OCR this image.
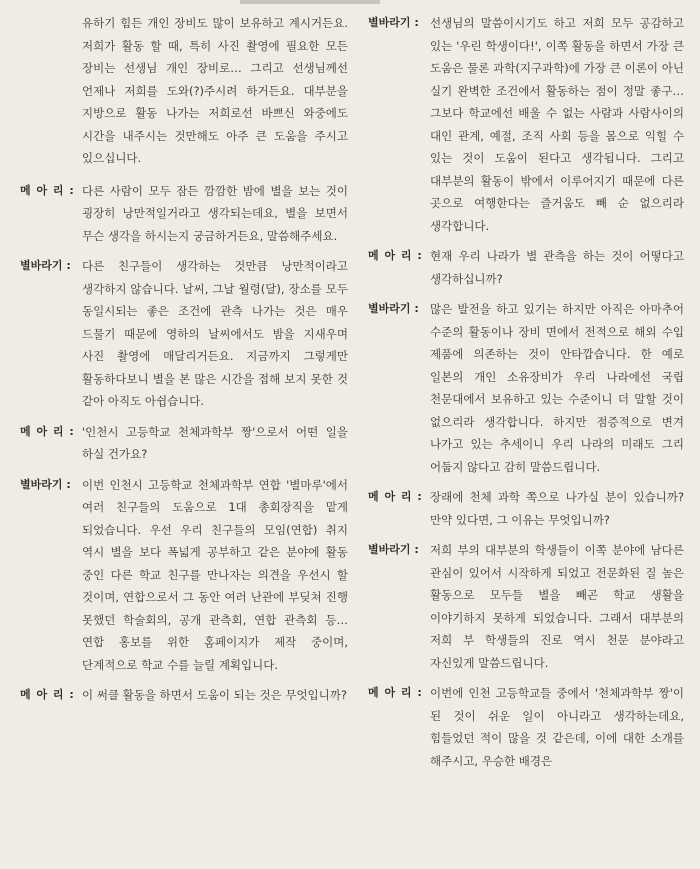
유하기 힘든 개인 장비도 많이 보유하고 계시거든요. 저희가 활동 할 때, 특히 사진 촬영에 필요한 모든 장비는 선생님 개인 장비로… 그리고 선생님께선 언제나 저희를 도와(?)주시려 하거든요. 대부분을 지방으로 활동 나가는 저희로선 바쁘신 와중에도 시간을 내주시는 것만해도 아주 큰 도움을 주시고 있으십니다.
메 아 리 : 다른 사람이 모두 잠든 깜깜한 밤에 별을 보는 것이 굉장히 낭만적일거라고 생각되는데요, 별을 보면서 무슨 생각을 하시는지 궁금하거든요, 말씀해주세요.
별바라기 : 다른 친구들이 생각하는 것만큼 낭만적이라고 생각하지 않습니다. 날씨, 그날 월령(달), 장소를 모두 동일시되는 좋은 조건에 관측 나가는 것은 매우 드물기 때문에 영하의 날씨에서도 밤을 지새우며 사진 촬영에 매달리거든요. 지금까지 그렇게만 활동하다보니 별을 본 많은 시간을 접해 보지 못한 것 같아 아직도 아쉽습니다.
메 아 리 : '인천시 고등학교 천체과학부 짱'으로서 어떤 일을 하실 건가요?
별바라기 : 이번 인천시 고등학교 천체과학부 연합 '별마루'에서 여러 친구들의 도움으로 1대 총회장직을 맡게 되었습니다. 우선 우리 친구들의 모임(연합) 취지 역시 별을 보다 폭넓게 공부하고 같은 분야에 활동 중인 다른 학교 친구를 만나자는 의견을 우선시 할 것이며, 연합으로서 그 동안 여러 난관에 부딪쳐 진행 못했던 학술회의, 공개 관측회, 연합 관측회 등… 연합 홍보를 위한 홈페이지가 제작 중이며, 단계적으로 학교 수를 늘릴 계획입니다.
메 아 리 : 이 써클 활동을 하면서 도움이 되는 것은 무엇입니까?
별바라기 : 선생님의 말씀이시기도 하고 저희 모두 공감하고 있는 '우린 학생이다!', 이쪽 활동을 하면서 가장 큰 도움은 물론 과학(지구과학)에 가장 큰 이론이 아닌 실기 완벽한 조건에서 활동하는 점이 정말 좋구… 그보다 학교에선 배울 수 없는 사람과 사람사이의 대인 관계, 예절, 조직 사회 등을 몸으로 익힐 수 있는 것이 도움이 된다고 생각됩니다. 그리고 대부분의 활동이 밖에서 이루어지기 때문에 다른 곳으로 여행한다는 즐거움도 빼 순 없으리라 생각합니다.
메 아 리 : 현재 우리 나라가 별 관측을 하는 것이 어떻다고 생각하십니까?
별바라기 : 많은 발전을 하고 있기는 하지만 아직은 아마추어 수준의 활동이나 장비 면에서 전적으로 해외 수입 제품에 의존하는 것이 안타깝습니다. 한 예로 일본의 개인 소유장비가 우리 나라에선 국립 천문대에서 보유하고 있는 수준이니 더 말할 것이 없으리라 생각합니다. 하지만 점증적으로 변겨 나가고 있는 추세이니 우리 나라의 미래도 그리 어둡지 않다고 감히 말씀드립니다.
메 아 리 : 장래에 천체 과학 쪽으로 나가실 분이 있습니까? 만약 있다면, 그 이유는 무엇입니까?
별바라기 : 저희 부의 대부분의 학생들이 이쪽 분야에 남다른 관심이 있어서 시작하게 되었고 전문화된 질 높은 활동으로 모두들 별을 빼곤 학교 생활을 이야기하지 못하게 되었습니다. 그래서 대부분의 저희 부 학생들의 진로 역시 천문 분야라고 자신있게 말씀드립니다.
메 아 리 : 이번에 인천 고등학교들 중에서 '천체과학부 짱'이 된 것이 쉬운 일이 아니라고 생각하는데요, 힘들었던 적이 많을 것 같은데, 이에 대한 소개를 해주시고, 우승한 배경은
